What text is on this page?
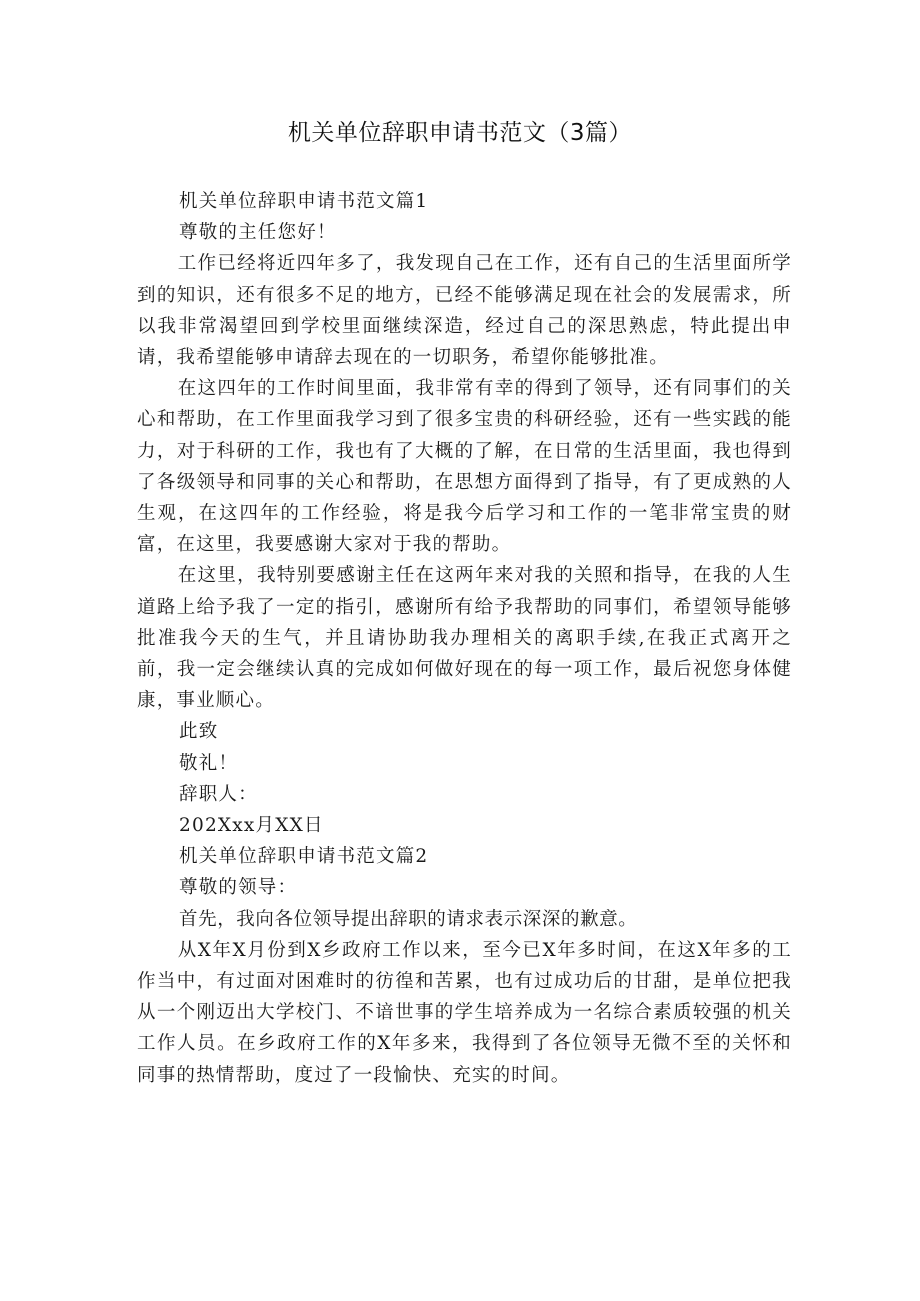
机关单位辞职申请书范文（3篇）

机关单位辞职申请书范文篇1

尊敬的主任您好！

工作已经将近四年多了，我发现自己在工作，还有自己的生活里面所学到的知识，还有很多不足的地方，已经不能够满足现在社会的发展需求，所以我非常渴望回到学校里面继续深造，经过自己的深思熟虑，特此提出申请，我希望能够申请辞去现在的一切职务，希望你能够批准。

在这四年的工作时间里面，我非常有幸的得到了领导，还有同事们的关心和帮助，在工作里面我学习到了很多宝贵的科研经验，还有一些实践的能力，对于科研的工作，我也有了大概的了解，在日常的生活里面，我也得到了各级领导和同事的关心和帮助，在思想方面得到了指导，有了更成熟的人生观，在这四年的工作经验，将是我今后学习和工作的一笔非常宝贵的财富，在这里，我要感谢大家对于我的帮助。

在这里，我特别要感谢主任在这两年来对我的关照和指导，在我的人生道路上给予我了一定的指引，感谢所有给予我帮助的同事们，希望领导能够批准我今天的生气，并且请协助我办理相关的离职手续,在我正式离开之前，我一定会继续认真的完成如何做好现在的每一项工作，最后祝您身体健康，事业顺心。

此致

敬礼！

辞职人：

202Xxx月XX日

机关单位辞职申请书范文篇2

尊敬的领导：

首先，我向各位领导提出辞职的请求表示深深的歉意。

从X年X月份到X乡政府工作以来，至今已X年多时间，在这X年多的工作当中，有过面对困难时的彷徨和苦累，也有过成功后的甘甜，是单位把我从一个刚迈出大学校门、不谙世事的学生培养成为一名综合素质较强的机关工作人员。在乡政府工作的X年多来，我得到了各位领导无微不至的关怀和同事的热情帮助，度过了一段愉快、充实的时间。
